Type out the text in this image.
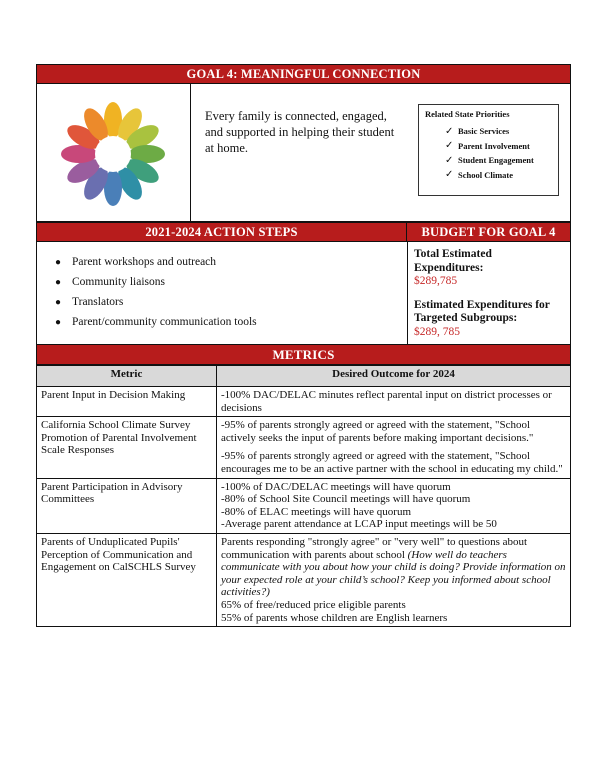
GOAL 4: MEANINGFUL CONNECTION
Every family is connected, engaged, and supported in helping their student at home.
Related State Priorities
✓ Basic Services
✓ Parent Involvement
✓ Student Engagement
✓ School Climate
2021-2024 ACTION STEPS	BUDGET FOR GOAL 4
● Parent workshops and outreach
● Community liaisons
● Translators
● Parent/community communication tools
Total Estimated Expenditures:
$289,785
Estimated Expenditures for Targeted Subgroups:
$289, 785
METRICS
Metric	Desired Outcome for 2024
Parent Input in Decision Making	-100% DAC/DELAC minutes reflect parental input on district processes or decisions
California School Climate Survey Promotion of Parental Involvement Scale Responses	-95% of parents strongly agreed or agreed with the statement, "School actively seeks the input of parents before making important decisions."
-95% of parents strongly agreed or agreed with the statement, "School encourages me to be an active partner with the school in educating my child."

Parent Participation in Advisory Committees	-100% of DAC/DELAC meetings will have quorum
-80% of School Site Council meetings will have quorum
-80% of ELAC meetings will have quorum
-Average parent attendance at LCAP input meetings will be 50

Parents of Unduplicated Pupils' Perception of Communication and Engagement on CalSCHLS Survey	Parents responding "strongly agree" or "very well" to questions about communication with parents about school (How well do teachers communicate with you about how your child is doing? Provide information on your expected role at your child’s school? Keep you informed about school activities?)
65% of free/reduced price eligible parents
55% of parents whose children are English learners
